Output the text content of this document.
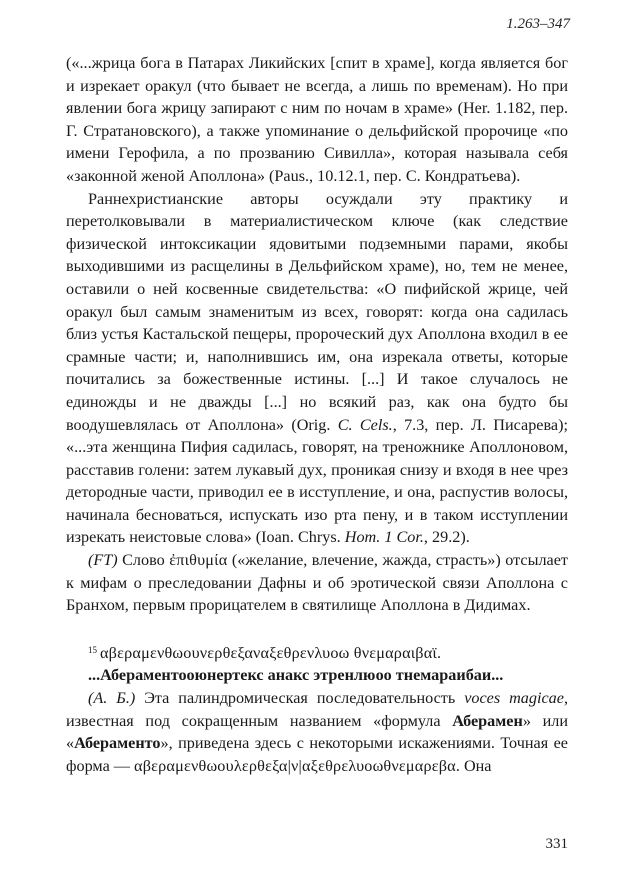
1.263–347

(«...жрица бога в Патарах Ликийских [спит в храме], когда является бог и изрекает оракул (что бывает не всегда, а лишь по временам). Но при явлении бога жрицу запирают с ним по ночам в храме» (Her. 1.182, пер. Г. Стратановского), а также упоминание о дельфийской пророчице «по имени Герофила, а по прозванию Сивилла», которая называла себя «законной женой Аполлона» (Paus., 10.12.1, пер. С. Кондратьева).

Раннехристианские авторы осуждали эту практику и перетолковывали в материалистическом ключе (как следствие физической интоксикации ядовитыми подземными парами, якобы выходившими из расщелины в Дельфийском храме), но, тем не менее, оставили о ней косвенные свидетельства: «О пифийской жрице, чей оракул был самым знаменитым из всех, говорят: когда она садилась близ устья Кастальской пещеры, пророческий дух Аполлона входил в ее срамные части; и, наполнившись им, она изрекала ответы, которые почитались за божественные истины. [...] И такое случалось не единожды и не дважды [...] но всякий раз, как она будто бы воодушевлялась от Аполлона» (Orig. C. Cels., 7.3, пер. Л. Писарева); «...эта женщина Пифия садилась, говорят, на треножнике Аполлоновом, расставив голени: затем лукавый дух, проникая снизу и входя в нее чрез детородные части, приводил ее в исступление, и она, распустив волосы, начинала бесноваться, испускать изо рта пену, и в таком исступлении изрекать неистовые слова» (Ioan. Chrys. Hom. 1 Cor., 29.2).

(FT) Слово ἐπιθυμία («желание, влечение, жажда, страсть») отсылает к мифам о преследовании Дафны и об эротической связи Аполлона с Бранхом, первым прорицателем в святилище Аполлона в Дидимах.

$^{15}$ αβεραμενθωουνερθεξαναξεθρενλυοω θνεμαραιβαϊ.

...Абераментоοюнертекс анакс этренлюоо тнемараибаи...

(А. Б.) Эта палиндромическая последовательность voces magicae, известная под сокращенным названием «формула Аберамен» или «Абераменто», приведена здесь с некоторыми искажениями. Точная ее форма — αβεραμενθωουλερθεξα|ν|αξεθρελυοωθνεμαρεβα. Она

331
